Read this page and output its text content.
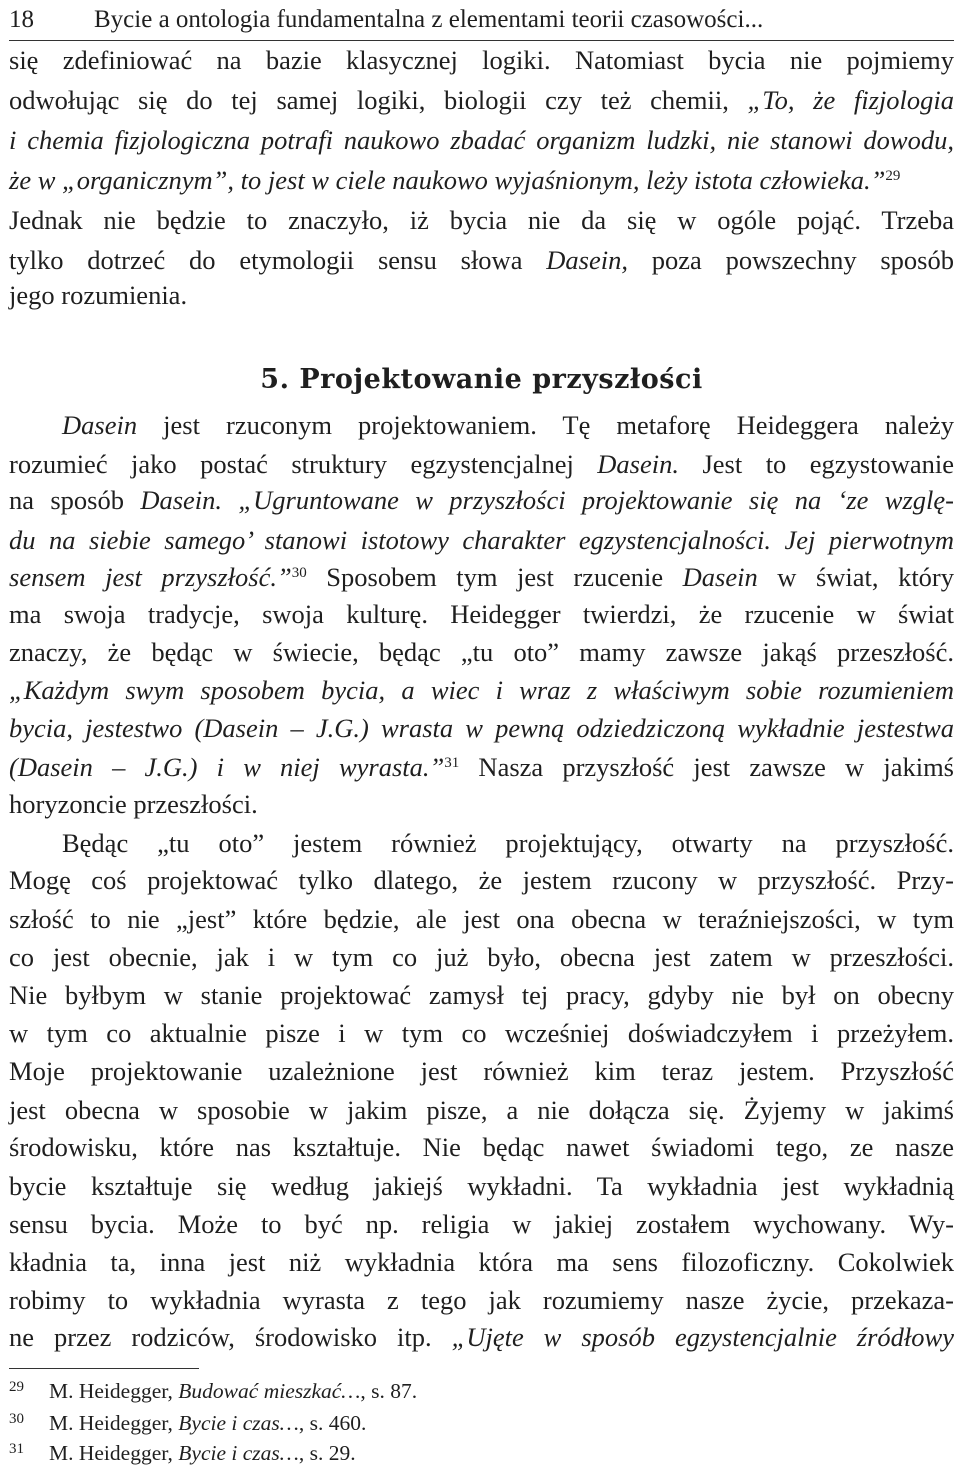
18 Bycie a ontologia fundamentalna z elementami teorii czasowości...
się zdefiniować na bazie klasycznej logiki. Natomiast bycia nie pojmiemy
odwołując się do tej samej logiki, biologii czy też chemii, „To, że fizjologia
i chemia fizjologiczna potrafi naukowo zbadać organizm ludzki, nie stanowi dowodu,
że w „organicznym”, to jest w ciele naukowo wyjaśnionym, leży istota człowieka.”$^{29}$
Jednak nie będzie to znaczyło, iż bycia nie da się w ogóle pojąć. Trzeba
tylko dotrzeć do etymologii sensu słowa Dasein, poza powszechny sposób
jego rozumienia.
5. Projektowanie przyszłości
Dasein jest rzuconym projektowaniem. Tę metaforę Heideggera należy
rozumieć jako postać struktury egzystencjalnej Dasein. Jest to egzystowanie
na sposób Dasein. „Ugruntowane w przyszłości projektowanie się na ‘ze wzglę-
du na siebie samego’ stanowi istotowy charakter egzystencjalności. Jej pierwotnym
sensem jest przyszłość.”$^{30}$ Sposobem tym jest rzucenie Dasein w świat, który
ma swoja tradycje, swoja kulturę. Heidegger twierdzi, że rzucenie w świat
znaczy, że będąc w świecie, będąc „tu oto” mamy zawsze jakąś przeszłość.
„Każdym swym sposobem bycia, a wiec i wraz z właściwym sobie rozumieniem
bycia, jestestwo (Dasein – J.G.) wrasta w pewną odziedziczoną wykładnie jestestwa
(Dasein – J.G.) i w niej wyrasta.”$^{31}$ Nasza przyszłość jest zawsze w jakimś
horyzoncie przeszłości.
Będąc „tu oto” jestem również projektujący, otwarty na przyszłość.
Mogę coś projektować tylko dlatego, że jestem rzucony w przyszłość. Przy-
szłość to nie „jest” które będzie, ale jest ona obecna w teraźniejszości, w tym
co jest obecnie, jak i w tym co już było, obecna jest zatem w przeszłości.
Nie byłbym w stanie projektować zamysł tej pracy, gdyby nie był on obecny
w tym co aktualnie pisze i w tym co wcześniej doświadczyłem i przeżyłem.
Moje projektowanie uzależnione jest również kim teraz jestem. Przyszłość
jest obecna w sposobie w jakim pisze, a nie dołącza się. Żyjemy w jakimś
środowisku, które nas kształtuje. Nie będąc nawet świadomi tego, ze nasze
bycie kształtuje się według jakiejś wykładni. Ta wykładnia jest wykładnią
sensu bycia. Może to być np. religia w jakiej zostałem wychowany. Wy-
kładnia ta, inna jest niż wykładnia która ma sens filozoficzny. Cokolwiek
robimy to wykładnia wyrasta z tego jak rozumiemy nasze życie, przekaza-
ne przez rodziców, środowisko itp. „Ujęte w sposób egzystencjalnie źródłowy
29 M. Heidegger, Budować mieszkać…, s. 87.
30 M. Heidegger, Bycie i czas…, s. 460.
31 M. Heidegger, Bycie i czas…, s. 29.
